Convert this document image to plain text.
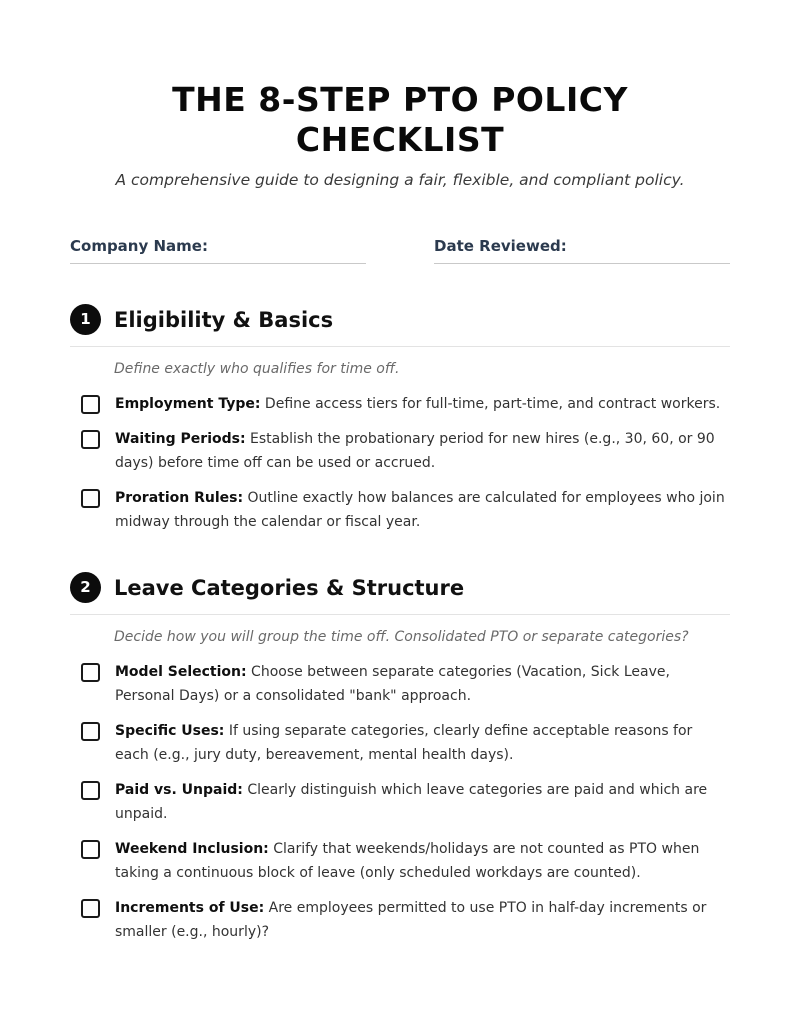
THE 8-STEP PTO POLICY CHECKLIST

A comprehensive guide to designing a fair, flexible, and compliant policy.

Company Name:	Date Reviewed:
1	Eligibility & Basics

Define exactly who qualifies for time off.

Employment Type: Define access tiers for full-time, part-time, and contract workers.
Waiting Periods: Establish the probationary period for new hires (e.g., 30, 60, or 90 days) before time off can be used or accrued.
Proration Rules: Outline exactly how balances are calculated for employees who join midway through the calendar or fiscal year.
2	Leave Categories & Structure

Decide how you will group the time off. Consolidated PTO or separate categories?

Model Selection: Choose between separate categories (Vacation, Sick Leave, Personal Days) or a consolidated "bank" approach.
Specific Uses: If using separate categories, clearly define acceptable reasons for each (e.g., jury duty, bereavement, mental health days).
Paid vs. Unpaid: Clearly distinguish which leave categories are paid and which are unpaid.
Weekend Inclusion: Clarify that weekends/holidays are not counted as PTO when taking a continuous block of leave (only scheduled workdays are counted).
Increments of Use: Are employees permitted to use PTO in half-day increments or smaller (e.g., hourly)?
